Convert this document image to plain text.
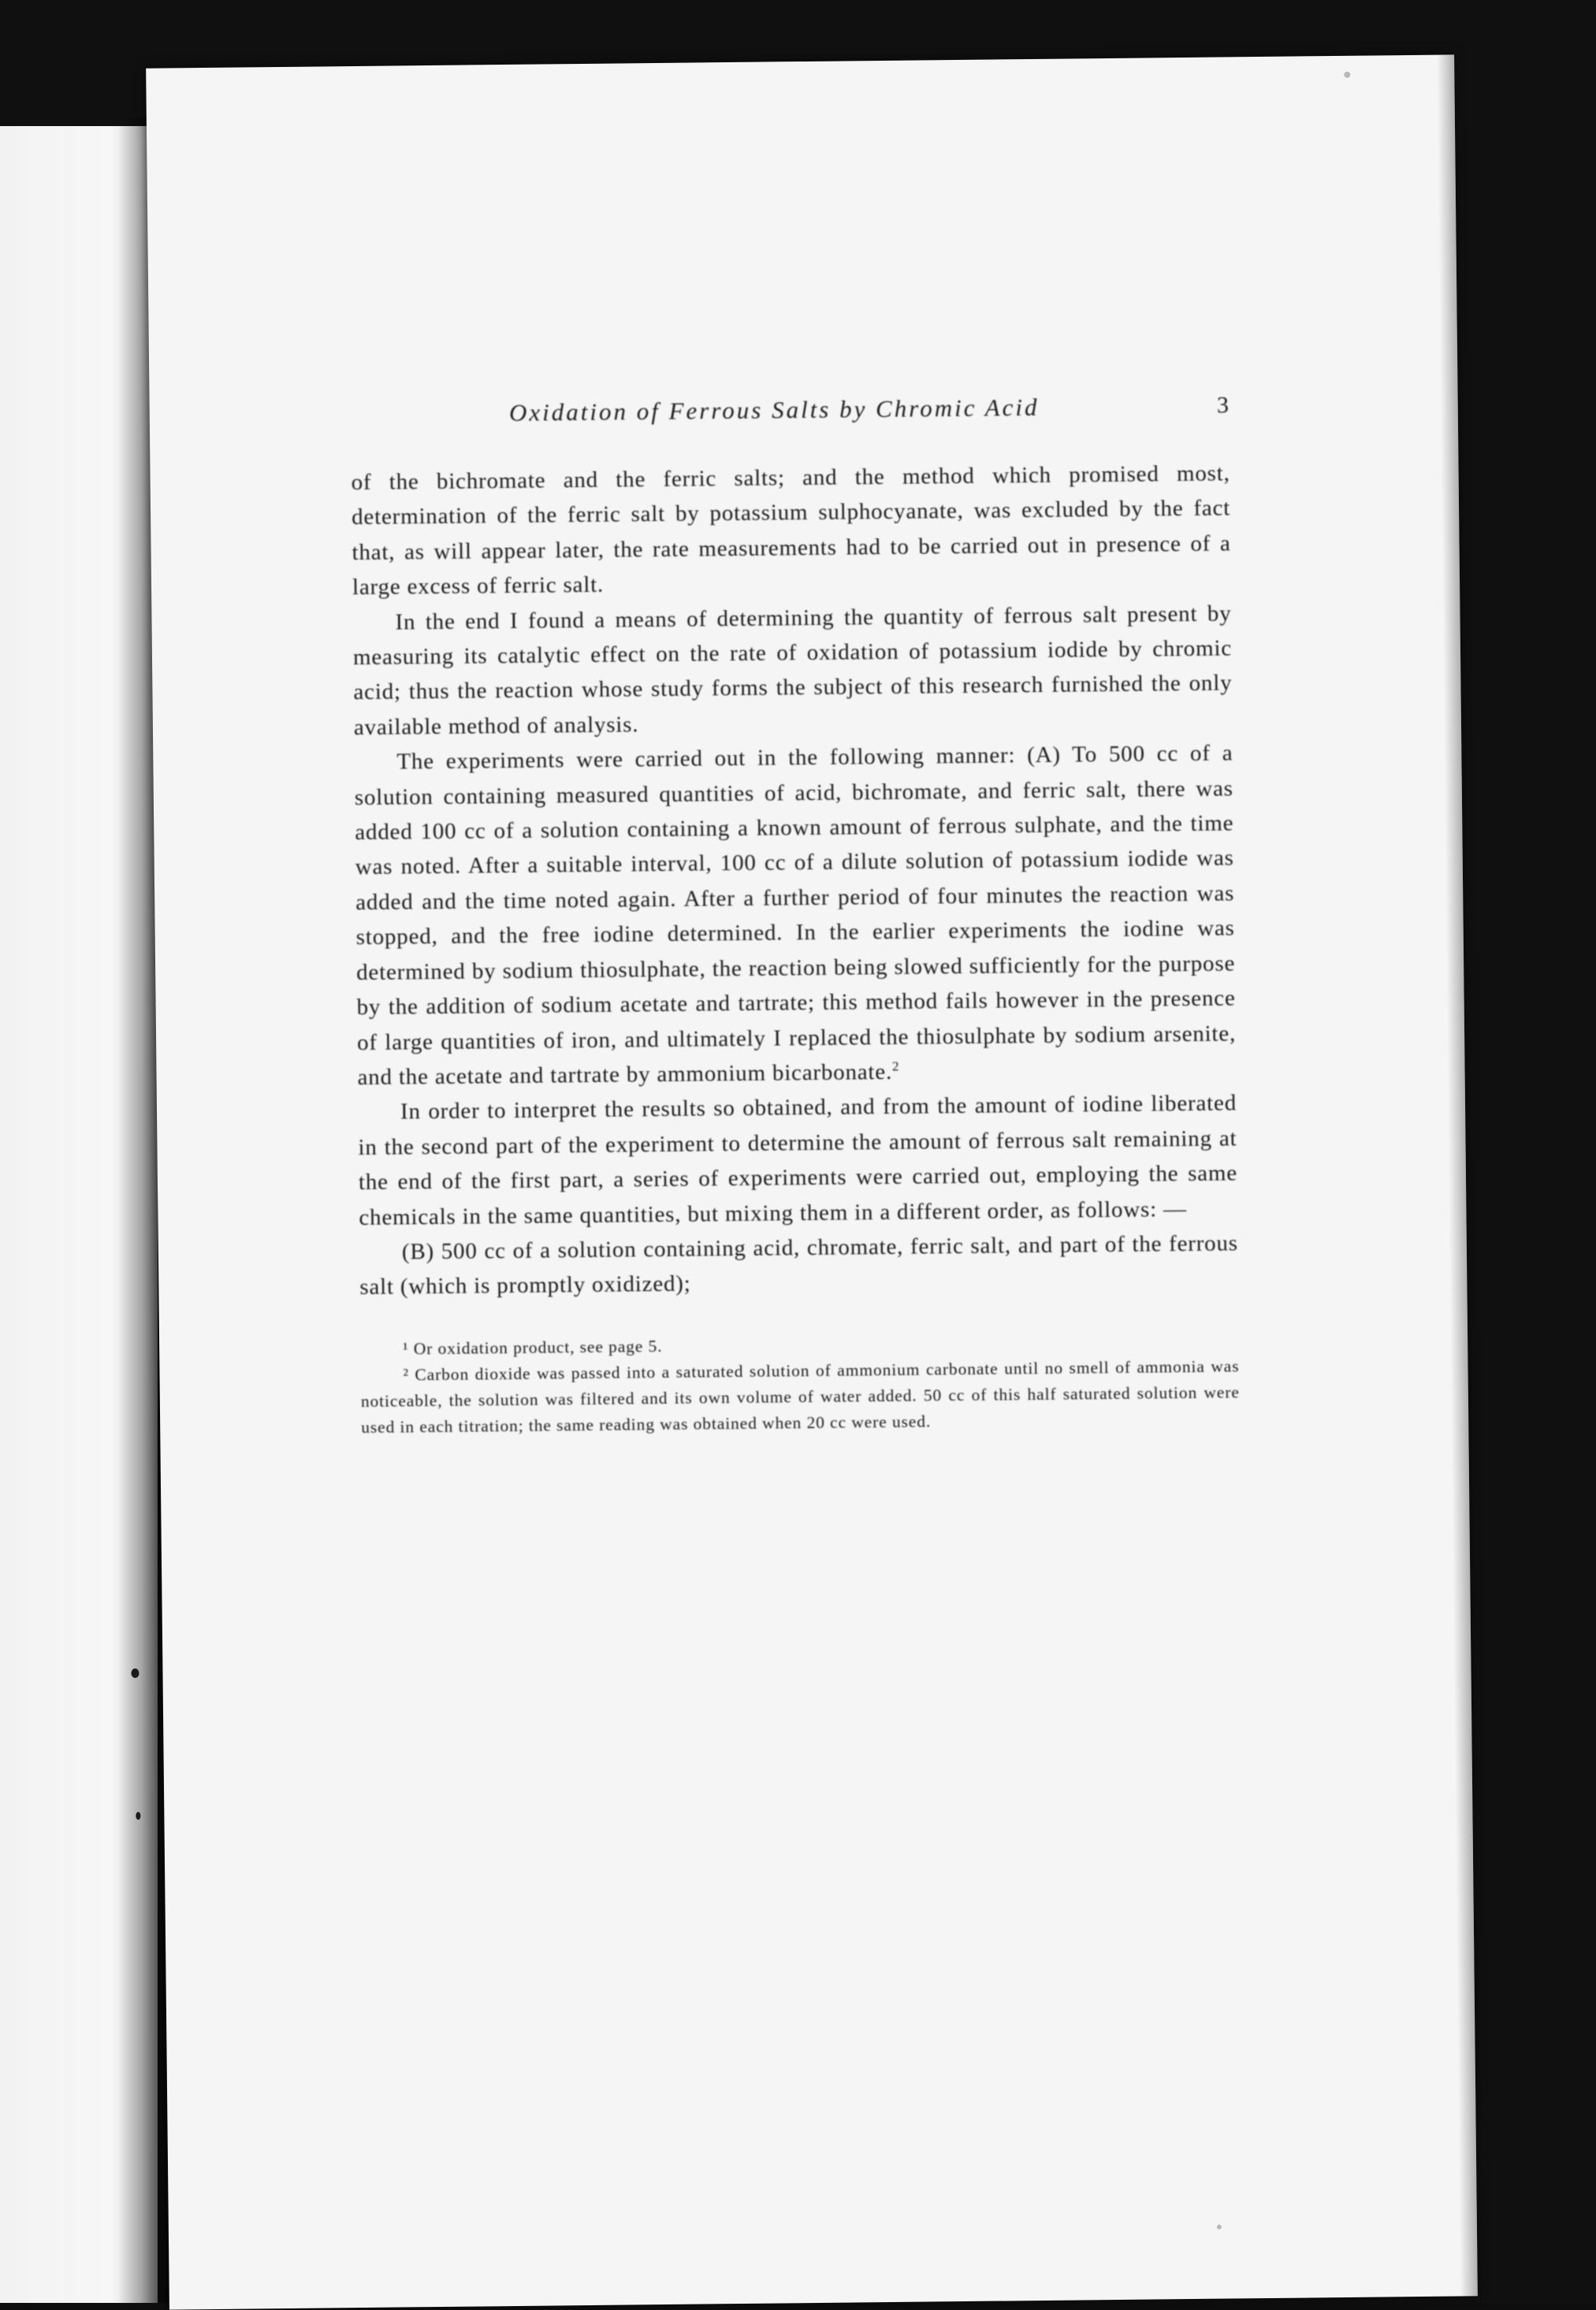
Oxidation of Ferrous Salts by Chromic Acid	3

of the bichromate and the ferric salts; and the method which promised most, determination of the ferric salt by potassium sulphocyanate, was excluded by the fact that, as will appear later, the rate measurements had to be carried out in presence of a large excess of ferric salt.

In the end I found a means of determining the quantity of ferrous salt present by measuring its catalytic effect on the rate of oxidation of potassium iodide by chromic acid; thus the reaction whose study forms the subject of this research furnished the only available method of analysis.

The experiments were carried out in the following manner: (A) To 500 cc of a solution containing measured quantities of acid, bichromate, and ferric salt, there was added 100 cc of a solution containing a known amount of ferrous sulphate, and the time was noted. After a suitable interval, 100 cc of a dilute solution of potassium iodide was added and the time noted again. After a further period of four minutes the reaction was stopped, and the free iodine determined. In the earlier experiments the iodine was determined by sodium thiosulphate, the reaction being slowed sufficiently for the purpose by the addition of sodium acetate and tartrate; this method fails however in the presence of large quantities of iron, and ultimately I replaced the thiosulphate by sodium arsenite, and the acetate and tartrate by ammonium bicarbonate.$^2$

In order to interpret the results so obtained, and from the amount of iodine liberated in the second part of the experiment to determine the amount of ferrous salt remaining at the end of the first part, a series of experiments were carried out, employing the same chemicals in the same quantities, but mixing them in a different order, as follows: —

(B) 500 cc of a solution containing acid, chromate, ferric salt, and part of the ferrous salt (which is promptly oxidized);

¹ Or oxidation product, see page 5.

² Carbon dioxide was passed into a saturated solution of ammonium carbonate until no smell of ammonia was noticeable, the solution was filtered and its own volume of water added. 50 cc of this half saturated solution were used in each titration; the same reading was obtained when 20 cc were used.
